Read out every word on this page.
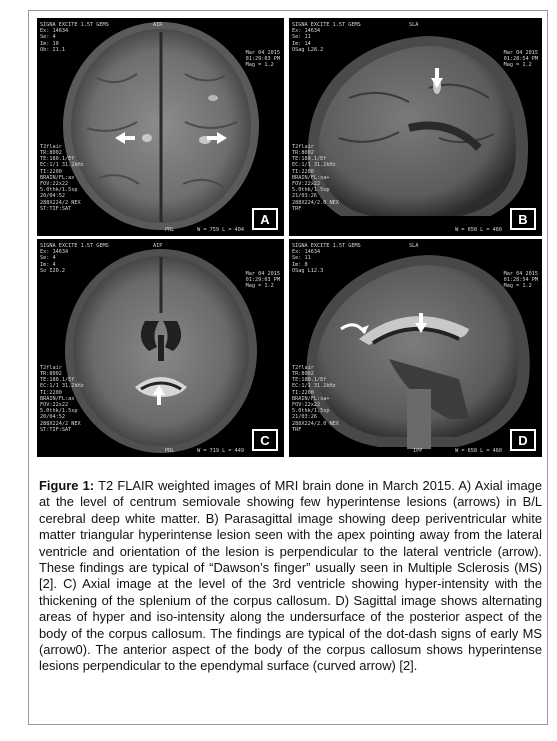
SIGNA EXCITE 1.5T GEMS
Ex: 14634
Se: 4
Im: 10
Ob: I1.1
AIR
Mar 04 2015
01:29:03 PM
Mag = 1.2
T2flair
TR:8002
TE:180.1/Ef
EC:1/1 31.2kHz
TI:2200
BRAIN/FL:ax
FOV:22x22
5.0thk/1.5sp
20/04:52
288X224/2 NEX
ST:TIF:SAT
PRL	W = 759 L = 404
A
SIGNA EXCITE 1.5T GEMS
Ex: 14634
Se: 11
Im: 14
OSag L28.2
SLA
Mar 04 2015
01:28:54 PM
Mag = 1.2
T2flair
TR:8002
TE:180.1/Ef
EC:1/1 31.2kHz
TI:2200
BRAIN/FL:sa+
FOV:22x22
5.0thk/1.5sp
21/03:26
288X224/2.0 NEX
TRF
W = 658 L = 460
B
SIGNA EXCITE 1.5T GEMS
Ex: 14634
Se: 4
Im: 4
So I20.2
AIP
Mar 04 2015
01:29:03 PM
Mag = 1.2
T2flair
TR:8002
TE:180.1/Ef
EC:1/1 31.2kHz
TI:2200
BRAIN/FL:ax
FOV:22x22
5.0thk/1.5sp
20/04:52
288X224/2 NEX
ST:TIF:SAT
PRL	W = 719 L = 449
C
SIGNA EXCITE 1.5T GEMS
Ex: 14634
Se: 11
Im: 8
OSag L12.3
SLA
Mar 04 2015
01:28:54 PM
Mag = 1.2
T2flair
TR:8002
TE:180.1/Ef
EC:1/1 31.2kHz
TI:2200
BRAIN/FL:sa+
FOV:22x22
5.0thk/1.5sp
21/03:26
288X224/2.0 NEX
TRF
IPP	W = 658 L = 460
D

Figure 1: T2 FLAIR weighted images of MRI brain done in March 2015. A) Axial image at the level of centrum semiovale showing few hyperintense lesions (arrows) in B/L cerebral deep white matter. B) Parasagittal image showing deep periventricular white matter triangular hyperintense lesion seen with the apex pointing away from the lateral ventricle and orientation of the lesion is perpendicular to the lateral ventricle (arrow). These findings are typical of “Dawson’s finger” usually seen in Multiple Sclerosis (MS) [2]. C) Axial image at the level of the 3rd ventricle showing hyper-intensity with the thickening of the splenium of the corpus callosum. D) Sagittal image shows alternating areas of hyper and iso-intensity along the undersurface of the posterior aspect of the body of the corpus callosum. The findings are typical of the dot-dash signs of early MS (arrow0). The anterior aspect of the body of the corpus callosum shows hyperintense lesions perpendicular to the ependymal surface (curved arrow) [2].
